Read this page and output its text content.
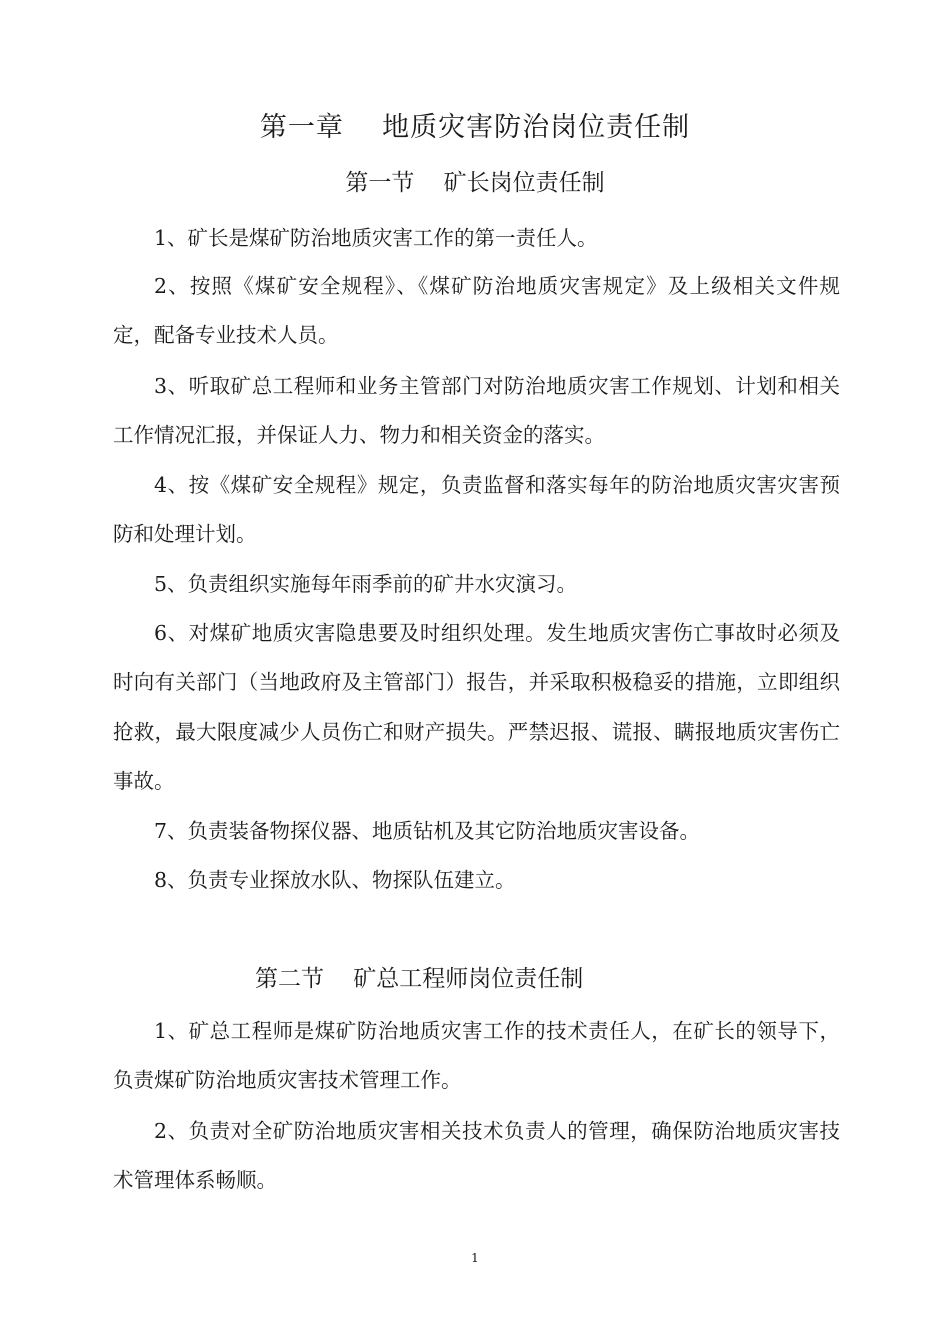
第一章    地质灾害防治岗位责任制
第一节    矿长岗位责任制
1、矿长是煤矿防治地质灾害工作的第一责任人。
2、按照《煤矿安全规程》、《煤矿防治地质灾害规定》及上级相关文件规定，配备专业技术人员。
3、听取矿总工程师和业务主管部门对防治地质灾害工作规划、计划和相关工作情况汇报，并保证人力、物力和相关资金的落实。
4、按《煤矿安全规程》规定，负责监督和落实每年的防治地质灾害灾害预防和处理计划。
5、负责组织实施每年雨季前的矿井水灾演习。
6、对煤矿地质灾害隐患要及时组织处理。发生地质灾害伤亡事故时必须及时向有关部门（当地政府及主管部门）报告，并采取积极稳妥的措施，立即组织抢救，最大限度减少人员伤亡和财产损失。严禁迟报、谎报、瞒报地质灾害伤亡事故。
7、负责装备物探仪器、地质钻机及其它防治地质灾害设备。
8、负责专业探放水队、物探队伍建立。
第二节    矿总工程师岗位责任制
1、矿总工程师是煤矿防治地质灾害工作的技术责任人，在矿长的领导下，负责煤矿防治地质灾害技术管理工作。
2、负责对全矿防治地质灾害相关技术负责人的管理，确保防治地质灾害技术管理体系畅顺。
1
